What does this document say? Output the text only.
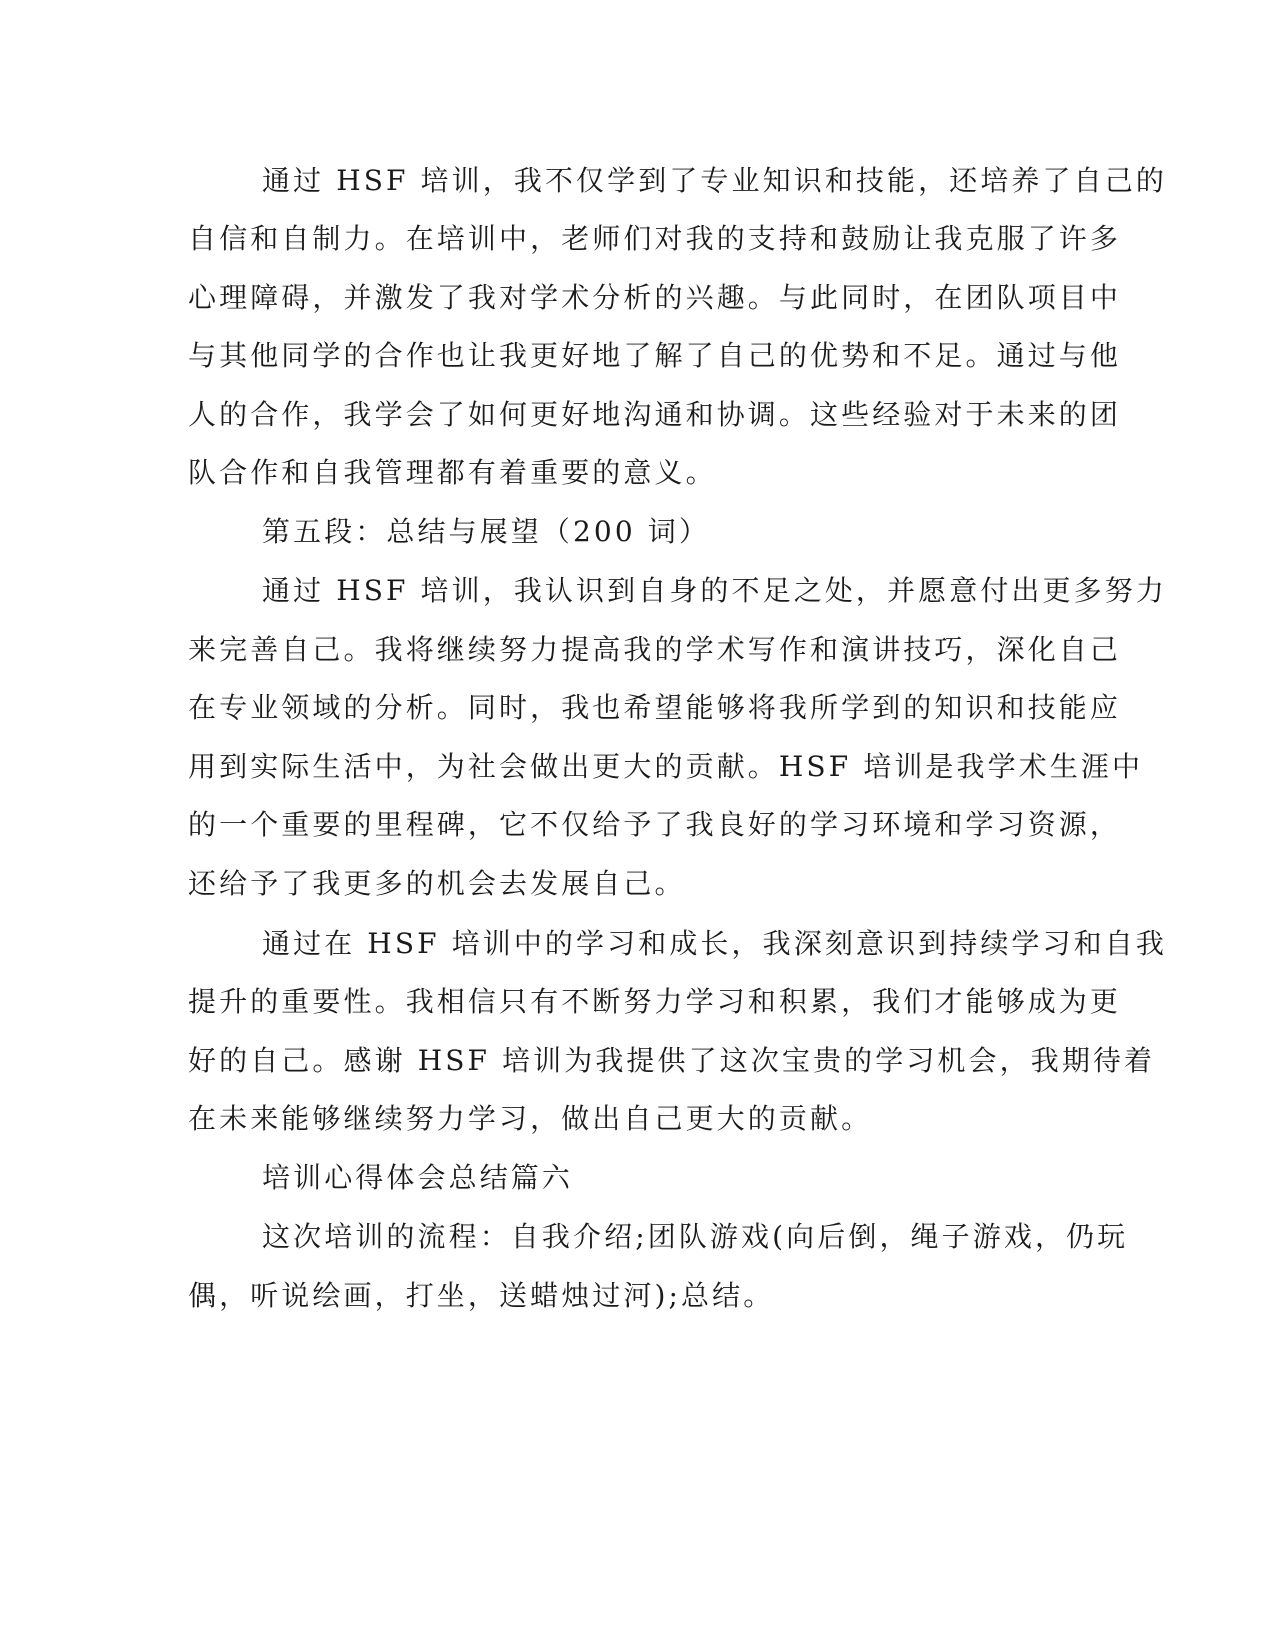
通过 HSF 培训，我不仅学到了专业知识和技能，还培养了自己的
自信和自制力。在培训中，老师们对我的支持和鼓励让我克服了许多
心理障碍，并激发了我对学术分析的兴趣。与此同时，在团队项目中
与其他同学的合作也让我更好地了解了自己的优势和不足。通过与他
人的合作，我学会了如何更好地沟通和协调。这些经验对于未来的团
队合作和自我管理都有着重要的意义。
第五段：总结与展望（200 词）
通过 HSF 培训，我认识到自身的不足之处，并愿意付出更多努力
来完善自己。我将继续努力提高我的学术写作和演讲技巧，深化自己
在专业领域的分析。同时，我也希望能够将我所学到的知识和技能应
用到实际生活中，为社会做出更大的贡献。HSF 培训是我学术生涯中
的一个重要的里程碑，它不仅给予了我良好的学习环境和学习资源，
还给予了我更多的机会去发展自己。
通过在 HSF 培训中的学习和成长，我深刻意识到持续学习和自我
提升的重要性。我相信只有不断努力学习和积累，我们才能够成为更
好的自己。感谢 HSF 培训为我提供了这次宝贵的学习机会，我期待着
在未来能够继续努力学习，做出自己更大的贡献。
培训心得体会总结篇六
这次培训的流程：自我介绍;团队游戏(向后倒，绳子游戏，仍玩
偶，听说绘画，打坐，送蜡烛过河);总结。
